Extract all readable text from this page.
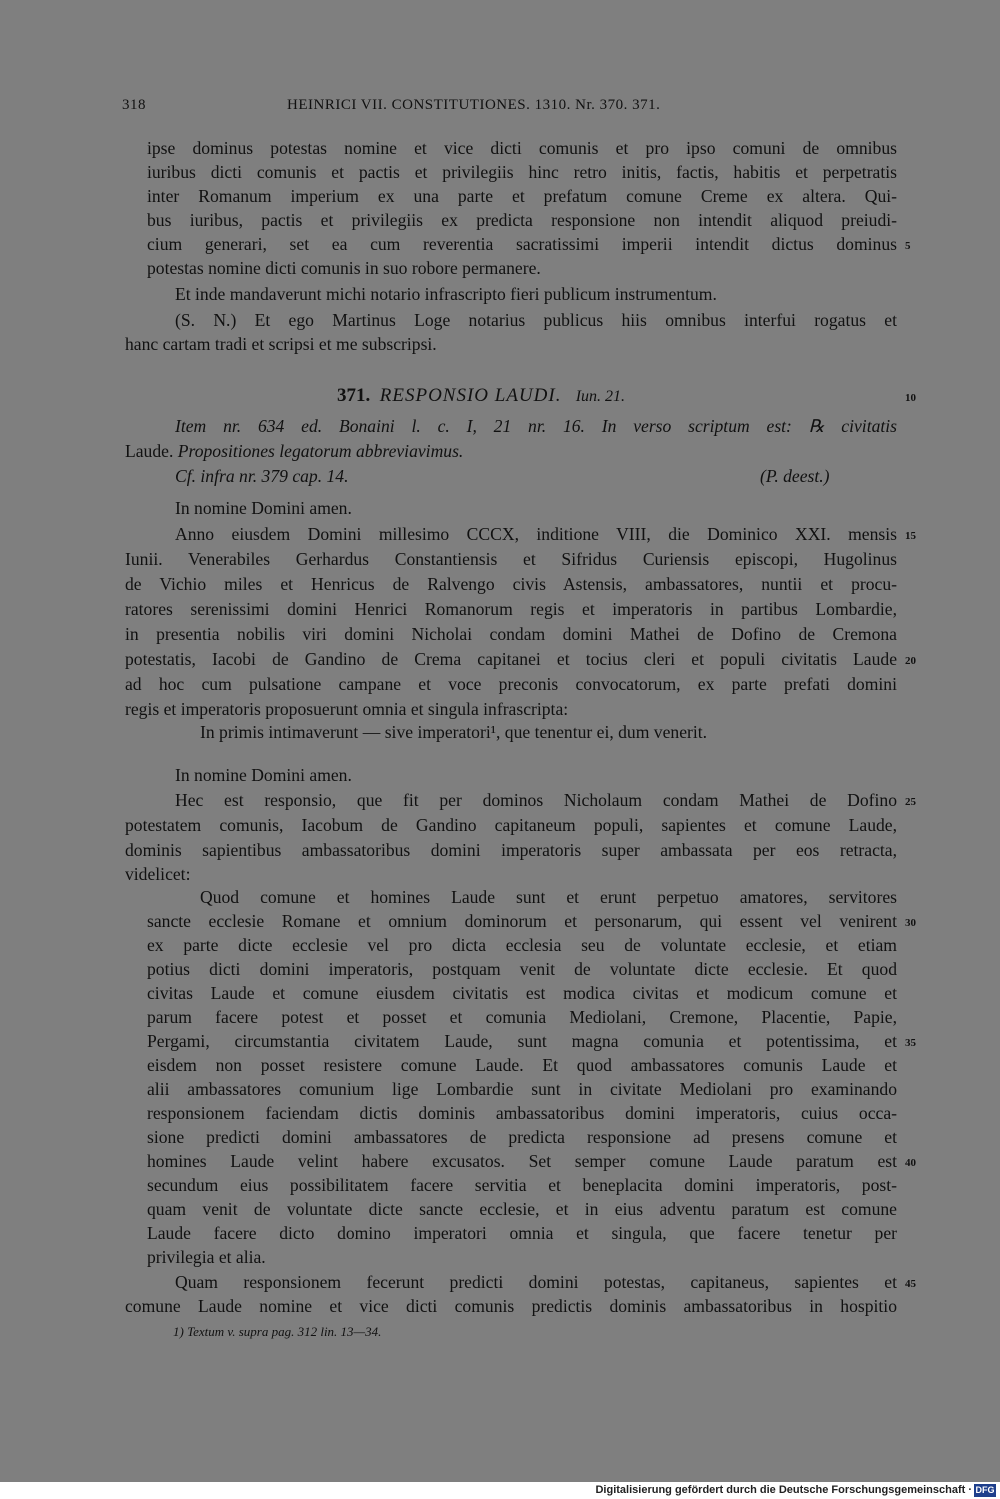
318	HEINRICI VII. CONSTITUTIONES. 1310. Nr. 370. 371.
ipse dominus potestas nomine et vice dicti comunis et pro ipso comuni de omnibus
iuribus dicti comunis et pactis et privilegiis hinc retro initis, factis, habitis et perpetratis
inter Romanum imperium ex una parte et prefatum comune Creme ex altera. Qui-
bus iuribus, pactis et privilegiis ex predicta responsione non intendit aliquod preiudi-
cium generari, set ea cum reverentia sacratissimi imperii intendit dictus dominus
potestas nomine dicti comunis in suo robore permanere.
Et inde mandaverunt michi notario infrascripto fieri publicum instrumentum.
(S. N.) Et ego Martinus Loge notarius publicus hiis omnibus interfui rogatus et
hanc cartam tradi et scripsi et me subscripsi.
371. RESPONSIO LAUDI. Iun. 21.
Item nr. 634 ed. Bonaini l. c. I, 21 nr. 16. In verso scriptum est: ℞ civitatis
Laude. Propositiones legatorum abbreviavimus.
Cf. infra nr. 379 cap. 14.	(P. deest.)
In nomine Domini amen.
Anno eiusdem Domini millesimo CCCX, inditione VIII, die Dominico XXI. mensis
Iunii. Venerabiles Gerhardus Constantiensis et Sifridus Curiensis episcopi, Hugolinus
de Vichio miles et Henricus de Ralvengo civis Astensis, ambassatores, nuntii et procu-
ratores serenissimi domini Henrici Romanorum regis et imperatoris in partibus Lombardie,
in presentia nobilis viri domini Nicholai condam domini Mathei de Dofino de Cremona
potestatis, Iacobi de Gandino de Crema capitanei et tocius cleri et populi civitatis Laude
ad hoc cum pulsatione campane et voce preconis convocatorum, ex parte prefati domini
regis et imperatoris proposuerunt omnia et singula infrascripta:
In primis intimaverunt — sive imperatori¹, que tenentur ei, dum venerit.
In nomine Domini amen.
Hec est responsio, que fit per dominos Nicholaum condam Mathei de Dofino
potestatem comunis, Iacobum de Gandino capitaneum populi, sapientes et comune Laude,
dominis sapientibus ambassatoribus domini imperatoris super ambassata per eos retracta,
videlicet:
Quod comune et homines Laude sunt et erunt perpetuo amatores, servitores
sancte ecclesie Romane et omnium dominorum et personarum, qui essent vel venirent
ex parte dicte ecclesie vel pro dicta ecclesia seu de voluntate ecclesie, et etiam
potius dicti domini imperatoris, postquam venit de voluntate dicte ecclesie. Et quod
civitas Laude et comune eiusdem civitatis est modica civitas et modicum comune et
parum facere potest et posset et comunia Mediolani, Cremone, Placentie, Papie,
Pergami, circumstantia civitatem Laude, sunt magna comunia et potentissima, et
eisdem non posset resistere comune Laude. Et quod ambassatores comunis Laude et
alii ambassatores comunium lige Lombardie sunt in civitate Mediolani pro examinando
responsionem faciendam dictis dominis ambassatoribus domini imperatoris, cuius occa-
sione predicti domini ambassatores de predicta responsione ad presens comune et
homines Laude velint habere excusatos. Set semper comune Laude paratum est
secundum eius possibilitatem facere servitia et beneplacita domini imperatoris, post-
quam venit de voluntate dicte sancte ecclesie, et in eius adventu paratum est comune
Laude facere dicto domino imperatori omnia et singula, que facere tenetur per
privilegia et alia.
Quam responsionem fecerunt predicti domini potestas, capitaneus, sapientes et
comune Laude nomine et vice dicti comunis predictis dominis ambassatoribus in hospitio
5
10
15
20
25
30
35
40
45
1) Textum v. supra pag. 312 lin. 13—34.
Digitalisierung gefördert durch die Deutsche Forschungsgemeinschaft · DFG
